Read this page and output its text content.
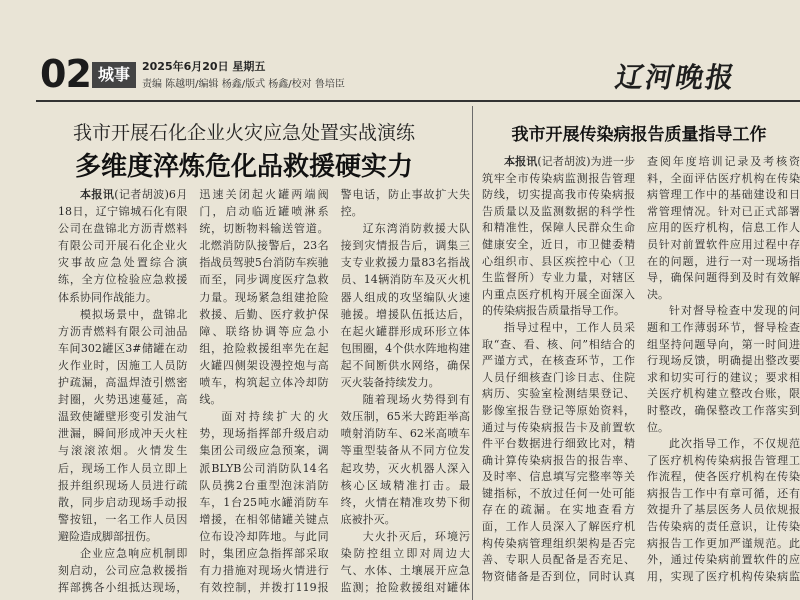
02 城事	2025年6月20日 星期五
责编 陈越明/编辑 杨鑫/版式 杨鑫/校对 鲁培臣	辽河晚报
我市开展石化企业火灾应急处置实战演练
多维度淬炼危化品救援硬实力

本报讯(记者胡波)6月18日，辽宁锦城石化有限公司在盘锦北方沥青燃料有限公司开展石化企业火灾事故应急处置综合演练，全方位检验应急救援体系协同作战能力。

模拟场景中，盘锦北方沥青燃料有限公司油品车间302罐区3#储罐在动火作业时，因施工人员防护疏漏，高温焊渣引燃密封圈，火势迅速蔓延，高温致使罐壁形变引发油气泄漏，瞬间形成冲天火柱与滚滚浓烟。火情发生后，现场工作人员立即上报并组织现场人员进行疏散，同步启动现场手动报警按钮，一名工作人员因避险造成脚部扭伤。

企业应急响应机制即刻启动，公司应急救援指挥部携各小组抵达现场，迅速关闭起火罐两端阀门，启动临近罐喷淋系统，切断物料输送管道。北燃消防队接警后，23名指战员驾驶5台消防车疾驰而至，同步调度医疗急救力量。现场紧急组建抢险救援、后勤、医疗救护保障、联络协调等应急小组，抢险救援组率先在起火罐四侧架设漫控炮与高喷车，构筑起立体冷却防线。

面对持续扩大的火势，现场指挥部升级启动集团公司级应急预案，调派BLYB公司消防队14名队员携2台重型泡沫消防车，1台25吨水罐消防车增援，在相邻储罐关键点位布设冷却阵地。与此同时，集团应急指挥部采取有力措施对现场火情进行有效控制，并拨打119报警电话，防止事故扩大失控。

辽东湾消防救援大队接到灾情报告后，调集三支专业救援力量83名指战员、14辆消防车及灭火机器人组成的攻坚编队火速驰援。增援队伍抵达后，在起火罐群形成环形立体包围圈，4个供水阵地构建起不间断供水网络，确保灭火装备持续发力。

随着现场火势得到有效压制，65米大跨距举高喷射消防车、62米高喷车等重型装备从不同方位发起攻势，灭火机器人深入核心区域精准打击。最终，火情在精准攻势下彻底被扑灭。

大火扑灭后，环境污染防控组立即对周边大气、水体、土壤展开应急监测；抢险救援组对罐体

我市开展传染病报告质量指导工作

本报讯(记者胡波)为进一步筑牢全市传染病监测报告管理防线，切实提高我市传染病报告质量以及监测数据的科学性和精准性，保障人民群众生命健康安全，近日，市卫健委精心组织市、县区疾控中心（卫生监督所）专业力量，对辖区内重点医疗机构开展全面深入的传染病报告质量指导工作。

指导过程中，工作人员采取“查、看、核、问”相结合的严谨方式，在核查环节，工作人员仔细核查门诊日志、住院病历、实验室检测结果登记、影像室报告登记等原始资料，通过与传染病报告卡及前置软件平台数据进行细致比对，精确计算传染病报告的报告率、及时率、信息填写完整率等关键指标，不放过任何一处可能存在的疏漏。在实地查看方面，工作人员深入了解医疗机构传染病管理组织架构是否完善、专职人员配备是否充足、物资储备是否到位，同时认真查阅年度培训记录及考核资料，全面评估医疗机构在传染病管理工作中的基础建设和日常管理情况。针对已正式部署应用的医疗机构，信息工作人员针对前置软件应用过程中存在的问题，进行一对一现场指导，确保问题得到及时有效解决。

针对督导检查中发现的问题和工作薄弱环节，督导检查组坚持问题导向，第一时间进行现场反馈，明确提出整改要求和切实可行的建议；要求相关医疗机构建立整改台账，限时整改，确保整改工作落实到位。

此次指导工作，不仅规范了医疗机构传染病报告管理工作流程，使各医疗机构在传染病报告工作中有章可循，还有效提升了基层医务人员依规报告传染病的责任意识，让传染病报告工作更加严谨规范。此外，通过传染病前置软件的应用，实现了医疗机构传染病监
